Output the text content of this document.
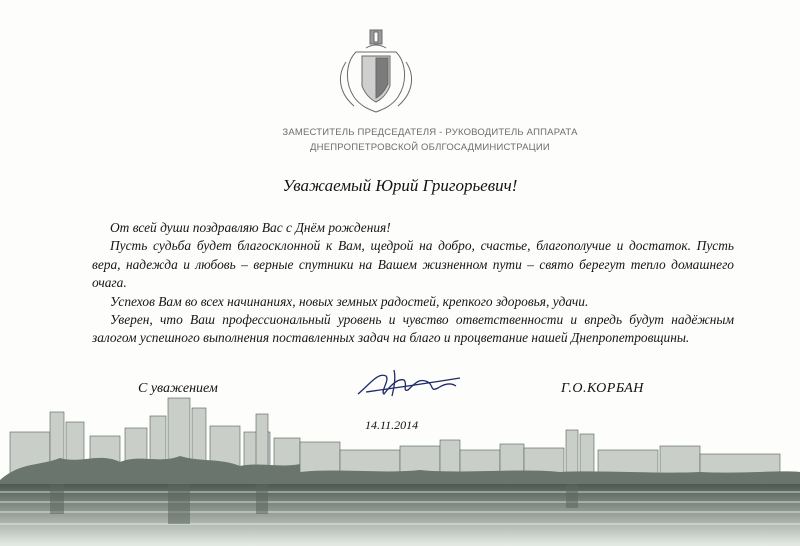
ЗАМЕСТИТЕЛЬ ПРЕДСЕДАТЕЛЯ - РУКОВОДИТЕЛЬ АППАРАТА
ДНЕПРОПЕТРОВСКОЙ ОБЛГОСАДМИНИСТРАЦИИ
Уважаемый Юрий Григорьевич!

От всей души поздравляю Вас с Днём рождения!

Пусть судьба будет благосклонной к Вам, щедрой на добро, счастье, благополучие и достаток. Пусть вера, надежда и любовь – верные спутники на Вашем жизненном пути – свято берегут тепло домашнего очага.

Успехов Вам во всех начинаниях, новых земных радостей, крепкого здоровья, удачи.

Уверен, что Ваш профессиональный уровень и чувство ответственности и впредь будут надёжным залогом успешного выполнения поставленных задач на благо и процветание нашей Днепропетровщины.

С уважением	Г.О.КОРБАН
14.11.2014
